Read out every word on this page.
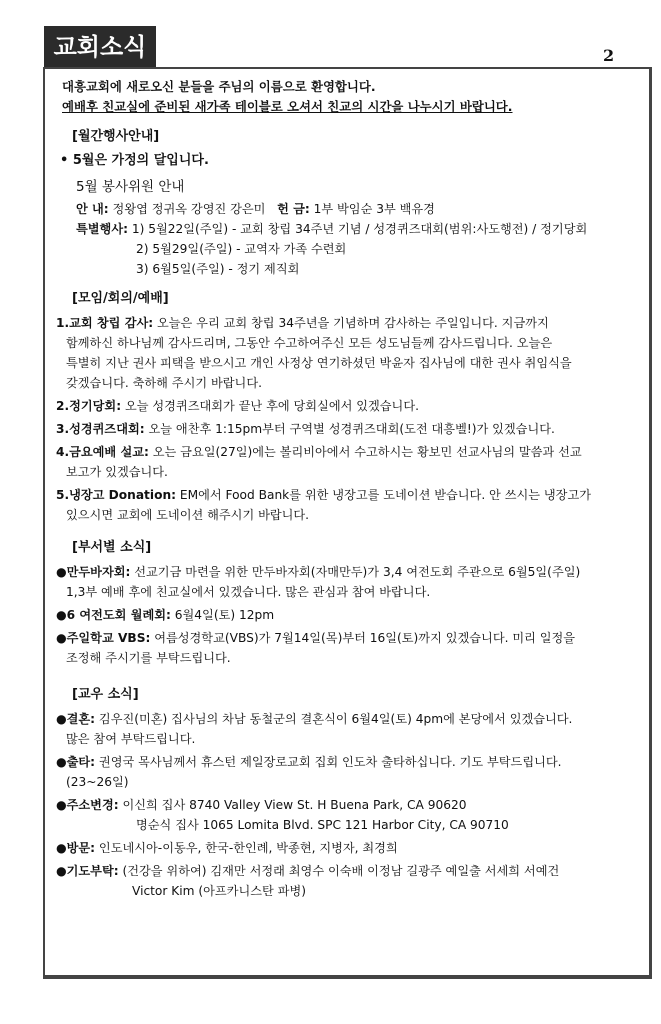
교회소식	2

대흥교회에 새로오신 분들을 주님의 이름으로 환영합니다.

예배후 친교실에 준비된 새가족 테이블로 오셔서 친교의 시간을 나누시기 바랍니다.

[월간행사안내]
• 5월은 가정의 달입니다.
5월 봉사위원 안내
안 내: 정왕엽 정귀옥 강영진 강은미 헌 금: 1부 박임순 3부 백유경
특별행사: 1) 5월22일(주일) - 교회 창립 34주년 기념 / 성경퀴즈대회(범위:사도행전) / 정기당회
2) 5월29일(주일) - 교역자 가족 수련회
3) 6월5일(주일) - 정기 제직회
[모임/회의/예배]
1.교회 창립 감사: 오늘은 우리 교회 창립 34주년을 기념하며 감사하는 주일입니다. 지금까지
함께하신 하나님께 감사드리며, 그동안 수고하여주신 모든 성도님들께 감사드립니다. 오늘은
특별히 지난 권사 피택을 받으시고 개인 사정상 연기하셨던 박윤자 집사님에 대한 권사 취임식을
갖겠습니다. 축하해 주시기 바랍니다.
2.정기당회: 오늘 성경퀴즈대회가 끝난 후에 당회실에서 있겠습니다.
3.성경퀴즈대회: 오늘 애찬후 1:15pm부터 구역별 성경퀴즈대회(도전 대흥벨!)가 있겠습니다.
4.금요예배 설교: 오는 금요일(27일)에는 볼리비아에서 수고하시는 황보민 선교사님의 말씀과 선교
보고가 있겠습니다.
5.냉장고 Donation: EM에서 Food Bank를 위한 냉장고를 도네이션 받습니다. 안 쓰시는 냉장고가
있으시면 교회에 도네이션 해주시기 바랍니다.
[부서별 소식]
●만두바자회: 선교기금 마련을 위한 만두바자회(자매만두)가 3,4 여전도회 주관으로 6월5일(주일)
1,3부 예배 후에 친교실에서 있겠습니다. 많은 관심과 참여 바랍니다.
●6 여전도회 월례회: 6월4일(토) 12pm
●주일학교 VBS: 여름성경학교(VBS)가 7월14일(목)부터 16일(토)까지 있겠습니다. 미리 일정을
조정해 주시기를 부탁드립니다.
[교우 소식]
●결혼: 김우진(미혼) 집사님의 차남 동철군의 결혼식이 6월4일(토) 4pm에 본당에서 있겠습니다.
많은 참여 부탁드립니다.
●출타: 권영국 목사님께서 휴스턴 제일장로교회 집회 인도차 출타하십니다. 기도 부탁드립니다.
(23~26일)
●주소변경: 이신희 집사 8740 Valley View St. H Buena Park, CA 90620
명순식 집사 1065 Lomita Blvd. SPC 121 Harbor City, CA 90710
●방문: 인도네시아-이동우, 한국-한인례, 박종현, 지병자, 최경희
●기도부탁: (건강을 위하여) 김재만 서정래 최영수 이숙배 이정남 길광주 예일출 서세희 서예건
Victor Kim (아프카니스탄 파병)
